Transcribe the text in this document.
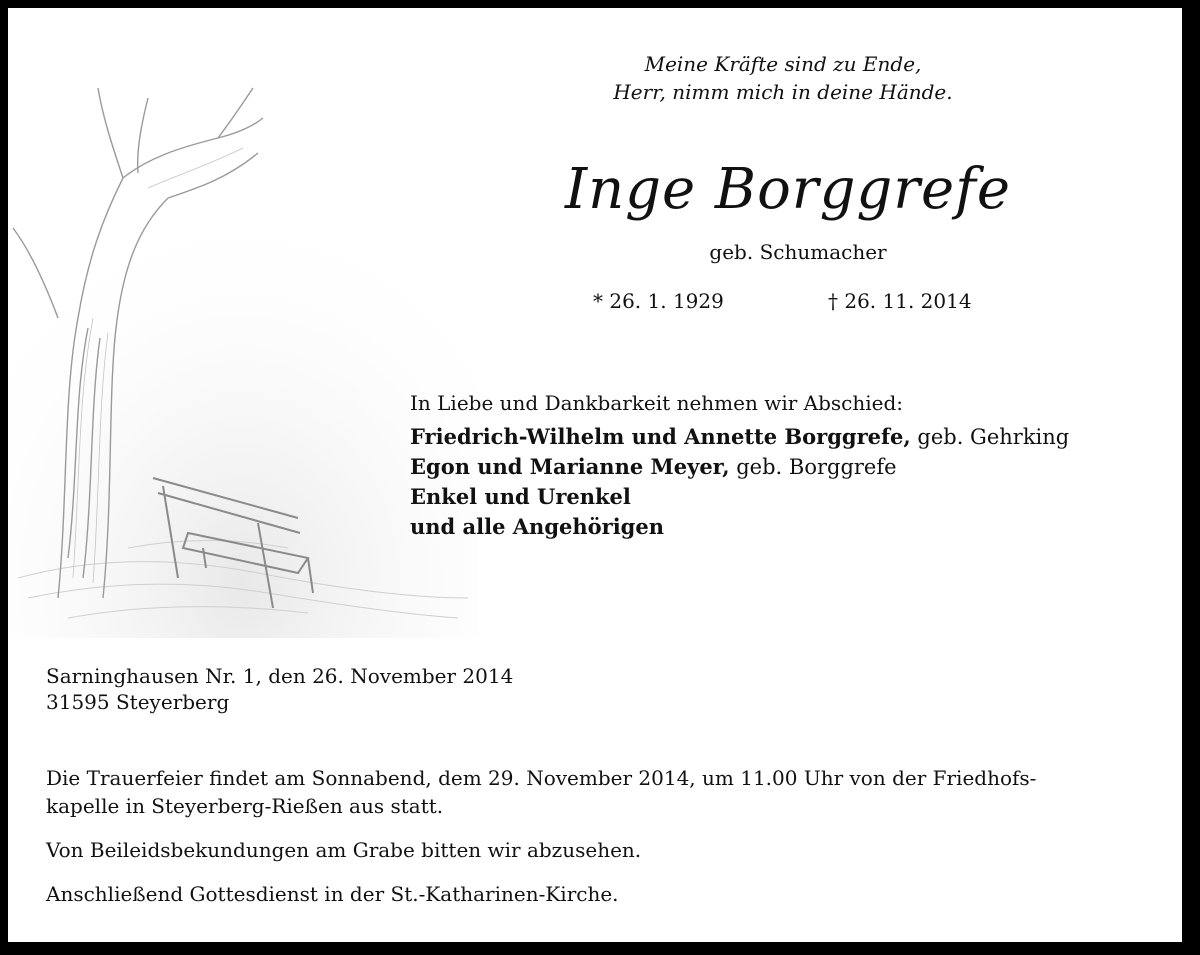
Meine Kräfte sind zu Ende,
Herr, nimm mich in deine Hände.
Inge Borggrefe
geb. Schumacher
* 26. 1. 1929	† 26. 11. 2014
In Liebe und Dankbarkeit nehmen wir Abschied:
Friedrich-Wilhelm und Annette Borggrefe, geb. Gehrking
Egon und Marianne Meyer, geb. Borggrefe
Enkel und Urenkel
und alle Angehörigen
Sarninghausen Nr. 1, den 26. November 2014
31595 Steyerberg

Die Trauerfeier findet am Sonnabend, dem 29. November 2014, um 11.00 Uhr von der Friedhofs-
kapelle in Steyerberg-Rießen aus statt.

Von Beileidsbekundungen am Grabe bitten wir abzusehen.

Anschließend Gottesdienst in der St.-Katharinen-Kirche.
